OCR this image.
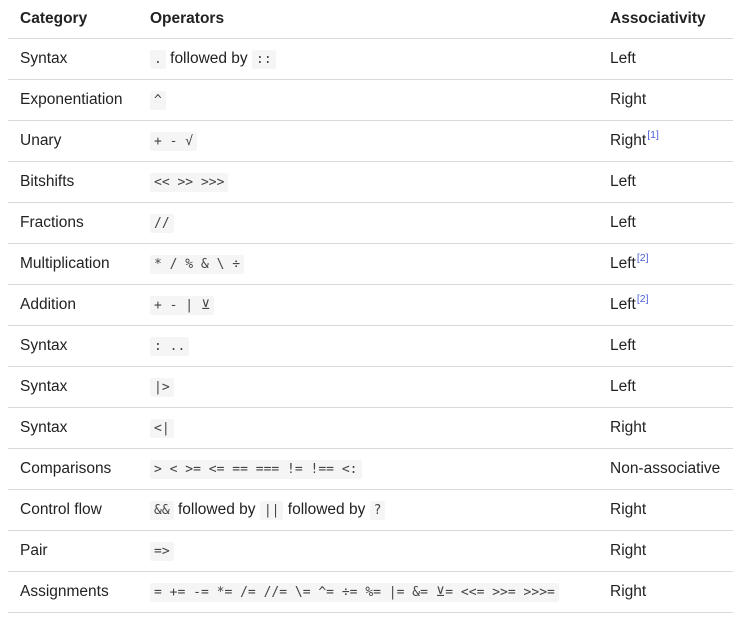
Category	Operators	Associativity
Syntax	. followed by ::	Left
Exponentiation	^	Right
Unary	+ - √	Right[1]
Bitshifts	<< >> >>>	Left
Fractions	//	Left
Multiplication	* / % & \ ÷	Left[2]
Addition	+ - | ⊻	Left[2]
Syntax	: ..	Left
Syntax	|>	Left
Syntax	<|	Right
Comparisons	> < >= <= == === != !== <:	Non-associative
Control flow	&& followed by || followed by ?	Right
Pair	=>	Right
Assignments	= += -= *= /= //= \= ^= ÷= %= |= &= ⊻= <<= >>= >>>=	Right
